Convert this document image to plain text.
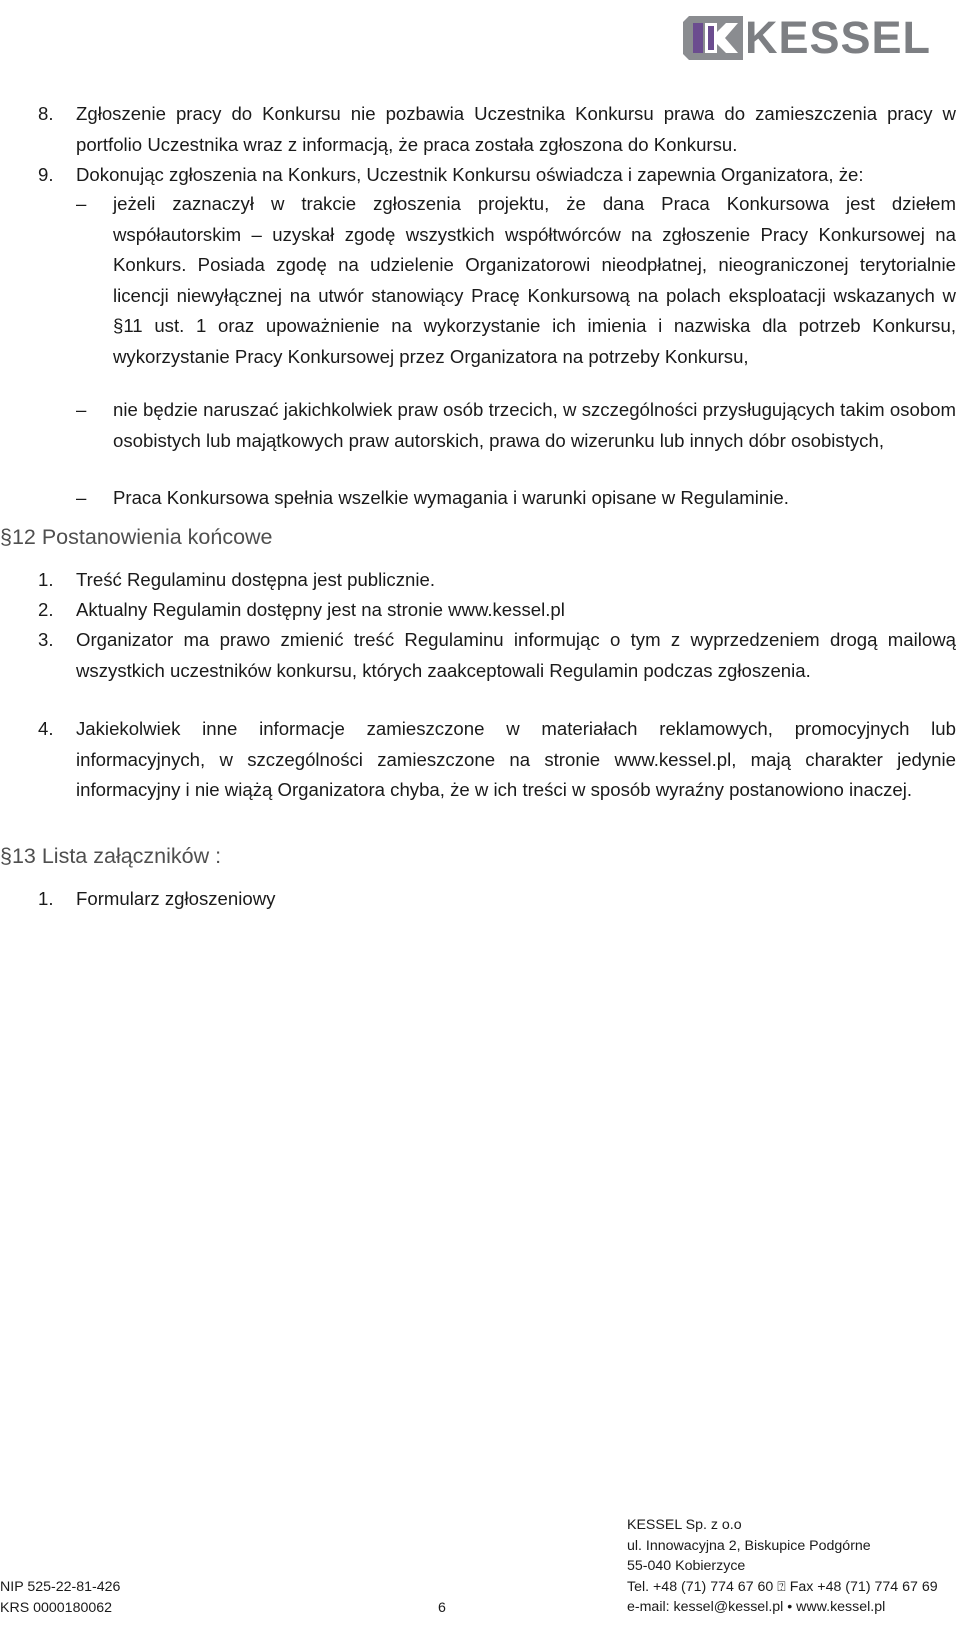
KESSEL
8.	Zgłoszenie pracy do Konkursu nie pozbawia Uczestnika Konkursu prawa do zamieszczenia pracy w portfolio Uczestnika wraz z informacją, że praca została zgłoszona do Konkursu.
9.	Dokonując zgłoszenia na Konkurs, Uczestnik Konkursu oświadcza i zapewnia Organizatora, że:
– jeżeli zaznaczył w trakcie zgłoszenia projektu, że dana Praca Konkursowa jest dziełem współautorskim – uzyskał zgodę wszystkich współtwórców na zgłoszenie Pracy Konkursowej na Konkurs. Posiada zgodę na udzielenie Organizatorowi nieodpłatnej, nieograniczonej terytorialnie licencji niewyłącznej na utwór stanowiący Pracę Konkursową na polach eksploatacji wskazanych w §11 ust. 1 oraz upoważnienie na wykorzystanie ich imienia i nazwiska dla potrzeb Konkursu, wykorzystanie Pracy Konkursowej przez Organizatora na potrzeby Konkursu,
– nie będzie naruszać jakichkolwiek praw osób trzecich, w szczególności przysługujących takim osobom osobistych lub majątkowych praw autorskich, prawa do wizerunku lub innych dóbr osobistych,
– Praca Konkursowa spełnia wszelkie wymagania i warunki opisane w Regulaminie.
§12 Postanowienia końcowe
1.	Treść Regulaminu dostępna jest publicznie.
2.	Aktualny Regulamin dostępny jest na stronie www.kessel.pl
3.	Organizator ma prawo zmienić treść Regulaminu informując o tym z wyprzedzeniem drogą mailową wszystkich uczestników konkursu, których zaakceptowali Regulamin podczas zgłoszenia.
4.	Jakiekolwiek inne informacje zamieszczone w materiałach reklamowych, promocyjnych lub informacyjnych, w szczególności zamieszczone na stronie www.kessel.pl, mają charakter jedynie informacyjny i nie wiążą Organizatora chyba, że w ich treści w sposób wyraźny postanowiono inaczej.
§13 Lista załączników :
1.	Formularz zgłoszeniowy
KESSEL Sp. z o.o
ul. Innowacyjna 2, Biskupice Podgórne
55-040 Kobierzyce
Tel. +48 (71) 774 67 60 ⍰ Fax +48 (71) 774 67 69
e-mail: kessel@kessel.pl • www.kessel.pl
NIP 525-22-81-426
KRS 0000180062	6
